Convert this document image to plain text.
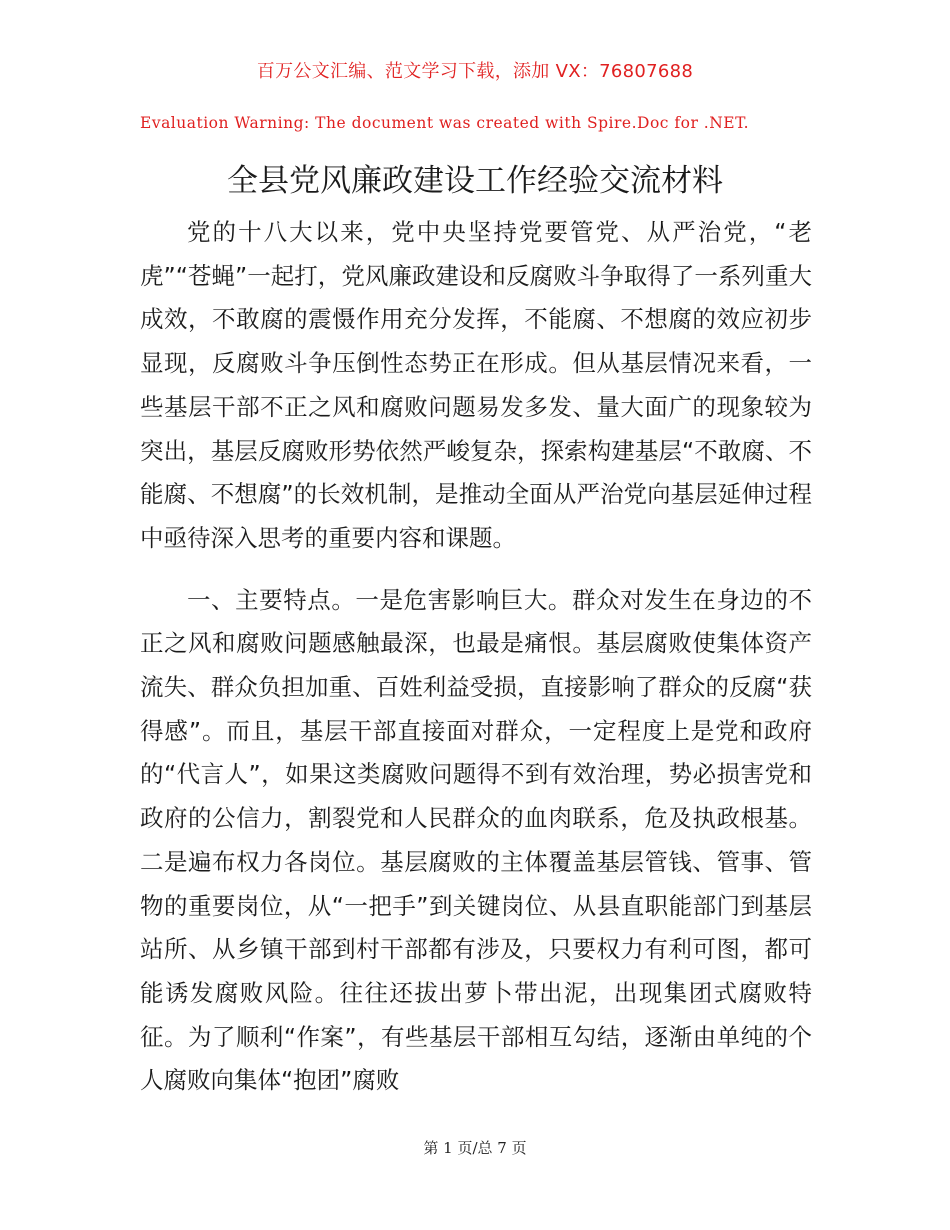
百万公文汇编、范文学习下载，添加 VX：76807688
Evaluation Warning: The document was created with Spire.Doc for .NET.
全县党风廉政建设工作经验交流材料

党的十八大以来，党中央坚持党要管党、从严治党，“老虎”“苍蝇”一起打，党风廉政建设和反腐败斗争取得了一系列重大成效，不敢腐的震慑作用充分发挥，不能腐、不想腐的效应初步显现，反腐败斗争压倒性态势正在形成。但从基层情况来看，一些基层干部不正之风和腐败问题易发多发、量大面广的现象较为突出，基层反腐败形势依然严峻复杂，探索构建基层“不敢腐、不能腐、不想腐”的长效机制，是推动全面从严治党向基层延伸过程中亟待深入思考的重要内容和课题。

一、主要特点。一是危害影响巨大。群众对发生在身边的不正之风和腐败问题感触最深，也最是痛恨。基层腐败使集体资产流失、群众负担加重、百姓利益受损，直接影响了群众的反腐“获得感”。而且，基层干部直接面对群众，一定程度上是党和政府的“代言人”，如果这类腐败问题得不到有效治理，势必损害党和政府的公信力，割裂党和人民群众的血肉联系，危及执政根基。二是遍布权力各岗位。基层腐败的主体覆盖基层管钱、管事、管物的重要岗位，从“一把手”到关键岗位、从县直职能部门到基层站所、从乡镇干部到村干部都有涉及，只要权力有利可图，都可能诱发腐败风险。往往还拔出萝卜带出泥，出现集团式腐败特征。为了顺利“作案”，有些基层干部相互勾结，逐渐由单纯的个人腐败向集体“抱团”腐败

第 1 页/总 7 页
